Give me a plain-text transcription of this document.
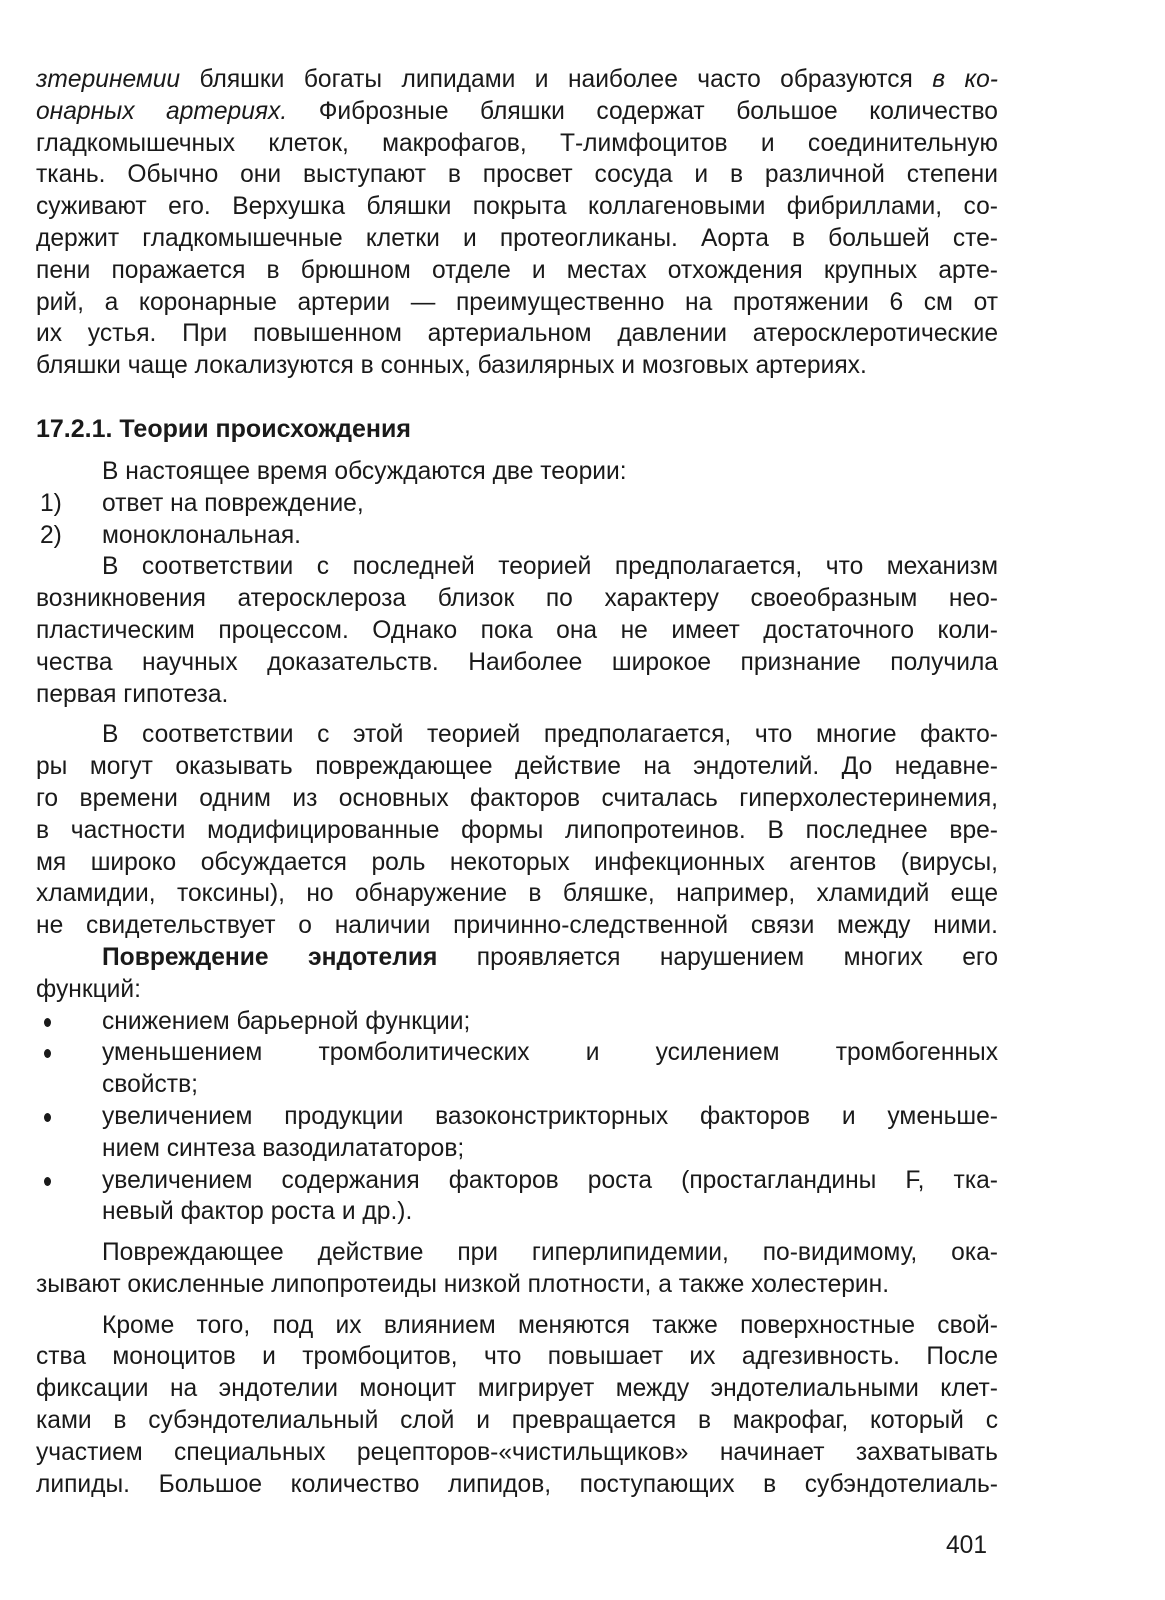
зтеринемии бляшки богаты липидами и наиболее часто образуются в ко-
онарных артериях. Фиброзные бляшки содержат большое количество
гладкомышечных клеток, макрофагов, Т-лимфоцитов и соединительную
ткань. Обычно они выступают в просвет сосуда и в различной степени
суживают его. Верхушка бляшки покрыта коллагеновыми фибриллами, со-
держит гладкомышечные клетки и протеогликаны. Аорта в большей сте-
пени поражается в брюшном отделе и местах отхождения крупных арте-
рий, а коронарные артерии — преимущественно на протяжении 6 см от
их устья. При повышенном артериальном давлении атеросклеротические
бляшки чаще локализуются в сонных, базилярных и мозговых артериях.
17.2.1. Теории происхождения
В настоящее время обсуждаются две теории:
1) ответ на повреждение,
2) моноклональная.
В соответствии с последней теорией предполагается, что механизм
возникновения атеросклероза близок по характеру своеобразным нео-
пластическим процессом. Однако пока она не имеет достаточного коли-
чества научных доказательств. Наиболее широкое признание получила
первая гипотеза.
В соответствии с этой теорией предполагается, что многие факто-
ры могут оказывать повреждающее действие на эндотелий. До недавне-
го времени одним из основных факторов считалась гиперхолестеринемия,
в частности модифицированные формы липопротеинов. В последнее вре-
мя широко обсуждается роль некоторых инфекционных агентов (вирусы,
хламидии, токсины), но обнаружение в бляшке, например, хламидий еще
не свидетельствует о наличии причинно-следственной связи между ними.
Повреждение эндотелия проявляется нарушением многих его
функций:
снижением барьерной функции;
уменьшением тромболитических и усилением тромбогенных
свойств;
увеличением продукции вазоконстрикторных факторов и уменьше-
нием синтеза вазодилататоров;
увеличением содержания факторов роста (простагландины F, тка-
невый фактор роста и др.).
Повреждающее действие при гиперлипидемии, по-видимому, ока-
зывают окисленные липопротеиды низкой плотности, а также холестерин.
Кроме того, под их влиянием меняются также поверхностные свой-
ства моноцитов и тромбоцитов, что повышает их адгезивность. После
фиксации на эндотелии моноцит мигрирует между эндотелиальными клет-
ками в субэндотелиальный слой и превращается в макрофаг, который с
участием специальных рецепторов-«чистильщиков» начинает захватывать
липиды. Большое количество липидов, поступающих в субэндотелиаль-
401
